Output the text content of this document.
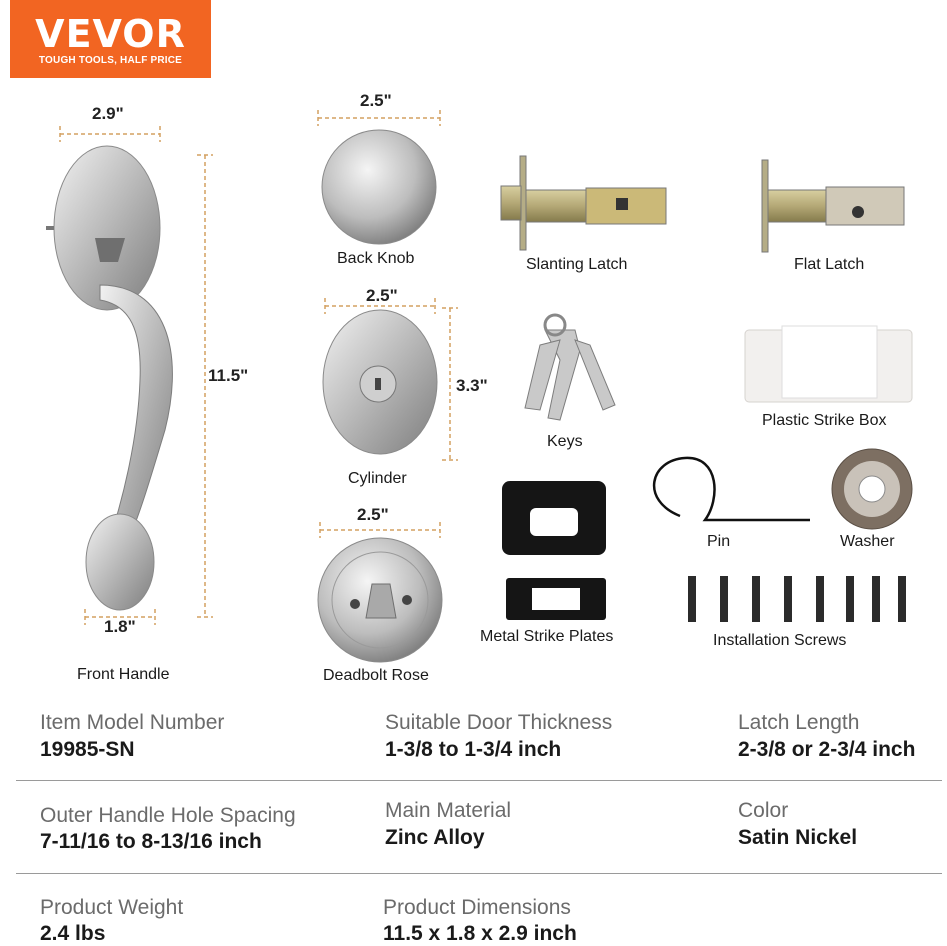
VEVOR
TOUGH TOOLS, HALF PRICE
2.9"
11.5"
1.8"
2.5"
2.5"
3.3"
2.5"
Front Handle
Back Knob
Cylinder
Deadbolt Rose
Slanting Latch	Flat Latch
Keys
Plastic Strike Box
Pin	Washer
Metal Strike Plates	Installation Screws
Item Model Number
19985-SN
Suitable Door Thickness
1-3/8 to 1-3/4 inch
Latch Length
2-3/8 or 2-3/4 inch
Outer Handle Hole Spacing
7-11/16 to 8-13/16 inch
Main Material
Zinc Alloy
Color
Satin Nickel
Product Weight
2.4 lbs
Product Dimensions
11.5 x 1.8 x 2.9 inch
